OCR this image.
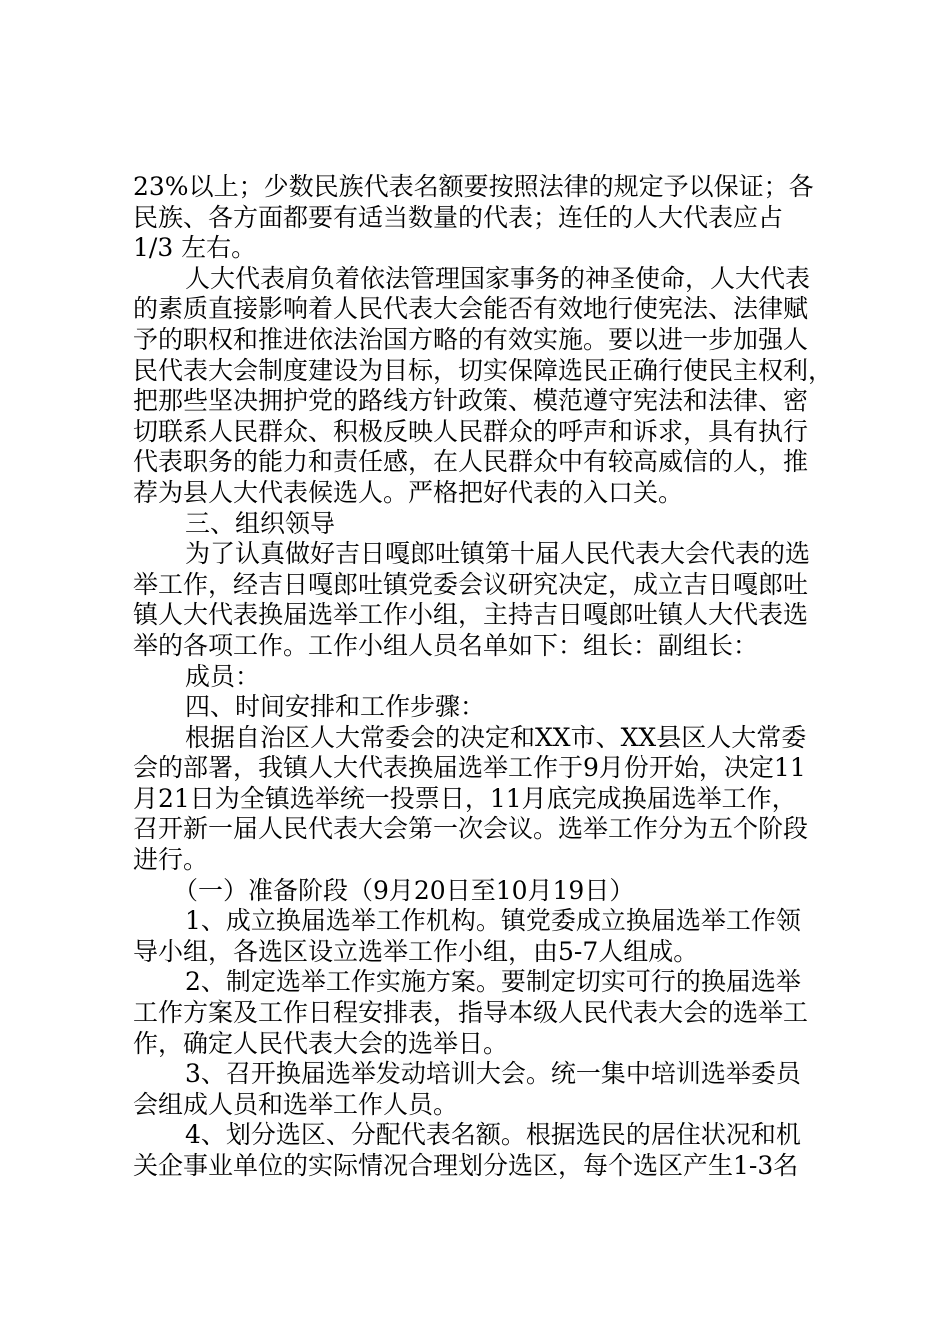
23%以上；少数民族代表名额要按照法律的规定予以保证；各
民族、各方面都要有适当数量的代表；连任的人大代表应占
1/3 左右。
人大代表肩负着依法管理国家事务的神圣使命，人大代表
的素质直接影响着人民代表大会能否有效地行使宪法、法律赋
予的职权和推进依法治国方略的有效实施。要以进一步加强人
民代表大会制度建设为目标，切实保障选民正确行使民主权利，
把那些坚决拥护党的路线方针政策、模范遵守宪法和法律、密
切联系人民群众、积极反映人民群众的呼声和诉求，具有执行
代表职务的能力和责任感，在人民群众中有较高威信的人，推
荐为县人大代表候选人。严格把好代表的入口关。
三、组织领导
为了认真做好吉日嘎郎吐镇第十届人民代表大会代表的选
举工作，经吉日嘎郎吐镇党委会议研究决定，成立吉日嘎郎吐
镇人大代表换届选举工作小组，主持吉日嘎郎吐镇人大代表选
举的各项工作。工作小组人员名单如下：组长：副组长：
成员：
四、时间安排和工作步骤：
根据自治区人大常委会的决定和XX市、XX县区人大常委
会的部署，我镇人大代表换届选举工作于9月份开始，决定11
月21日为全镇选举统一投票日，11月底完成换届选举工作，
召开新一届人民代表大会第一次会议。选举工作分为五个阶段
进行。
（一）准备阶段（9月20日至10月19日）
1、成立换届选举工作机构。镇党委成立换届选举工作领
导小组，各选区设立选举工作小组，由5-7人组成。
2、制定选举工作实施方案。要制定切实可行的换届选举
工作方案及工作日程安排表，指导本级人民代表大会的选举工
作，确定人民代表大会的选举日。
3、召开换届选举发动培训大会。统一集中培训选举委员
会组成人员和选举工作人员。
4、划分选区、分配代表名额。根据选民的居住状况和机
关企事业单位的实际情况合理划分选区，每个选区产生1-3名
